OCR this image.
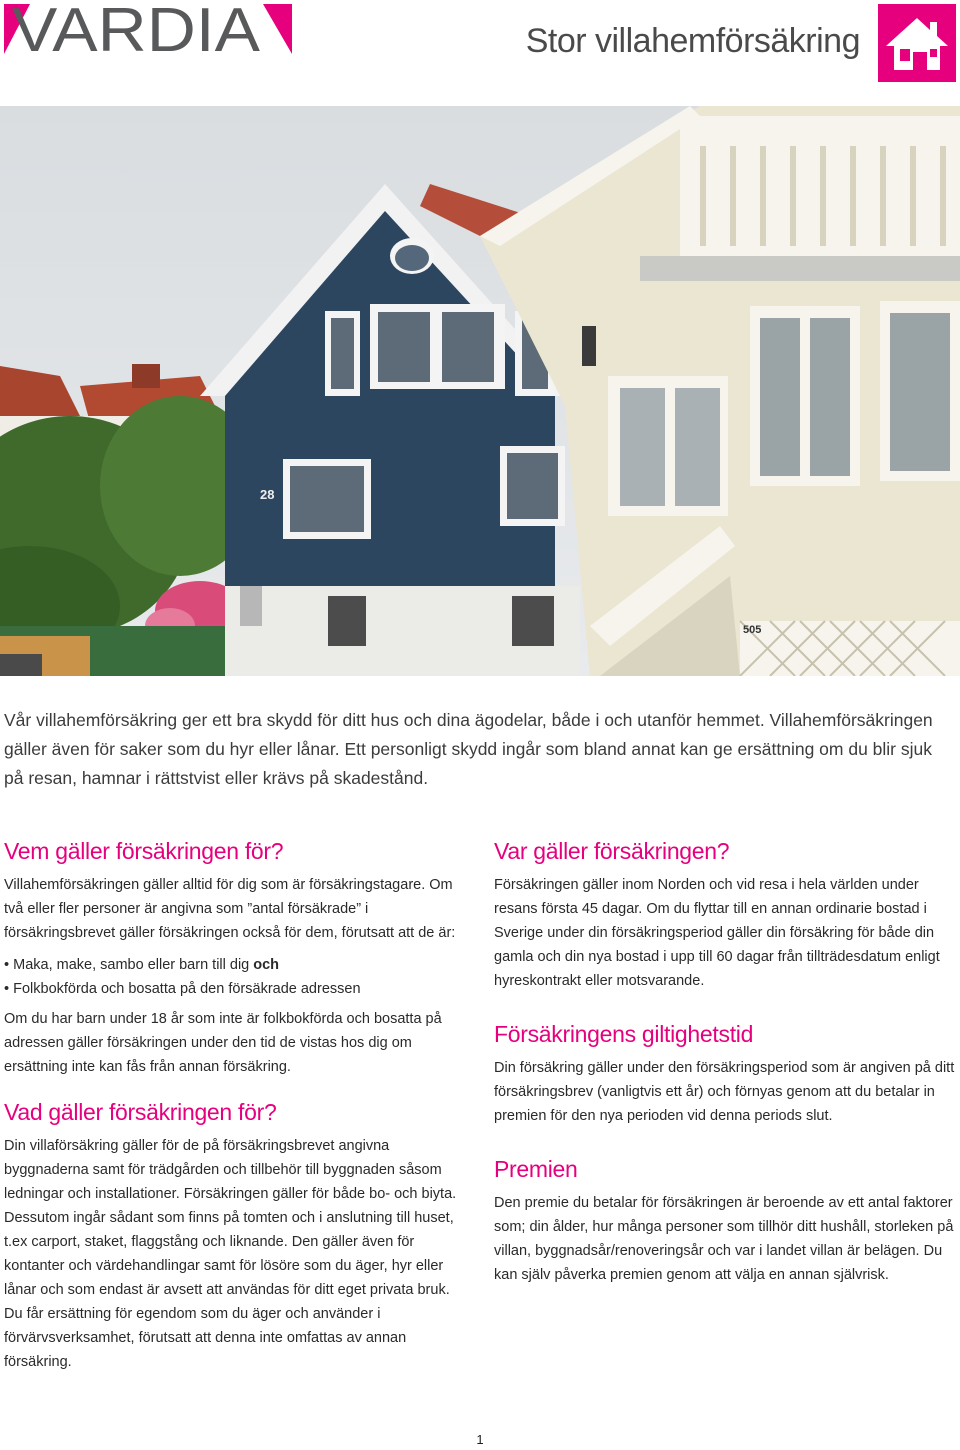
VARDIA	Stor villahemförsäkring
28
505

Vår villahemförsäkring ger ett bra skydd för ditt hus och dina ägodelar, både i och utanför hemmet. Villahemförsäkringen gäller även för saker som du hyr eller lånar. Ett personligt skydd ingår som bland annat kan ge ersättning om du blir sjuk på resan, hamnar i rättstvist eller krävs på skadestånd.

Vem gäller försäkringen för?

Villahemförsäkringen gäller alltid för dig som är försäkringstagare. Om två eller fler personer är angivna som ”antal försäkrade” i försäkringsbrevet gäller försäkringen också för dem, förutsatt att de är:

• Maka, make, sambo eller barn till dig och
• Folkbokförda och bosatta på den försäkrade adressen

Om du har barn under 18 år som inte är folkbokförda och bosatta på adressen gäller försäkringen under den tid de vistas hos dig om ersättning inte kan fås från annan försäkring.

Vad gäller försäkringen för?

Din villaförsäkring gäller för de på försäkringsbrevet angivna byggnaderna samt för trädgården och tillbehör till byggnaden såsom ledningar och installationer. Försäkringen gäller för både bo- och biyta. Dessutom ingår sådant som finns på tomten och i anslutning till huset, t.ex carport, staket, flaggstång och liknande. Den gäller även för kontanter och värdehandlingar samt för lösöre som du äger, hyr eller lånar och som endast är avsett att användas för ditt eget privata bruk. Du får ersättning för egendom som du äger och använder i förvärvsverksamhet, förutsatt att denna inte omfattas av annan försäkring.

Var gäller försäkringen?

Försäkringen gäller inom Norden och vid resa i hela världen under resans första 45 dagar. Om du flyttar till en annan ordinarie bostad i Sverige under din försäkringsperiod gäller din försäkring för både din gamla och din nya bostad i upp till 60 dagar från tillträdesdatum enligt hyreskontrakt eller motsvarande.

Försäkringens giltighetstid

Din försäkring gäller under den försäkringsperiod som är angiven på ditt försäkringsbrev (vanligtvis ett år) och förnyas genom att du betalar in premien för den nya perioden vid denna periods slut.

Premien

Den premie du betalar för försäkringen är beroende av ett antal faktorer som; din ålder, hur många personer som tillhör ditt hushåll, storleken på villan, byggnadsår/renoveringsår och var i landet villan är belägen. Du kan själv påverka premien genom att välja en annan självrisk.

1
